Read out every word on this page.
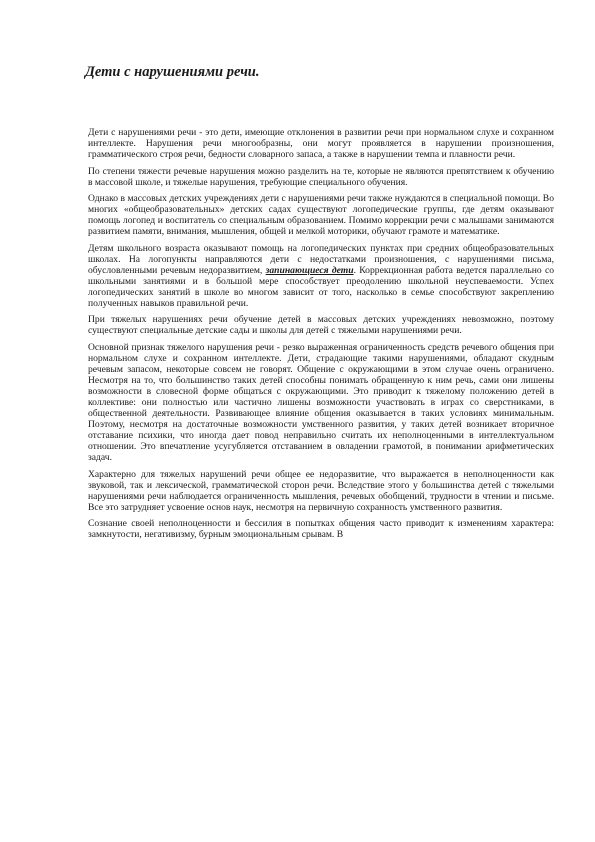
Дети с нарушениями речи.

Дети с нарушениями речи - это дети, имеющие отклонения в развитии речи при нормальном слухе и сохранном интеллекте. Нарушения речи многообразны, они могут проявляется в нарушении произношения, грамматического строя речи, бедности словарного запаса, а также в нарушении темпа и плавности речи.

По степени тяжести речевые нарушения можно разделить на те, которые не являются препятствием к обучению в массовой школе, и тяжелые нарушения, требующие специального обучения.

Однако в массовых детских учреждениях дети с нарушениями речи также нуждаются в специальной помощи. Во многих «общеобразовательных» детских садах существуют логопедические группы, где детям оказывают помощь логопед и воспитатель со специальным образованием. Помимо коррекции речи с малышами занимаются развитием памяти, внимания, мышления, общей и мелкой моторики, обучают грамоте и математике.

Детям школьного возраста оказывают помощь на логопедических пунктах при средних общеобразовательных школах. На логопункты направляются дети с недостатками произношения, с нарушениями письма, обусловленными речевым недоразвитием, запинающиеся дети. Коррекционная работа ведется параллельно со школьными занятиями и в большой мере способствует преодолению школьной неуспеваемости. Успех логопедических занятий в школе во многом зависит от того, насколько в семье способствуют закреплению полученных навыков правильной речи.

При тяжелых нарушениях речи обучение детей в массовых детских учреждениях невозможно, поэтому существуют специальные детские сады и школы для детей с тяжелыми нарушениями речи.

Основной признак тяжелого нарушения речи - резко выраженная ограниченность средств речевого общения при нормальном слухе и сохранном интеллекте. Дети, страдающие такими нарушениями, обладают скудным речевым запасом, некоторые совсем не говорят. Общение с окружающими в этом случае очень ограничено. Несмотря на то, что большинство таких детей способны понимать обращенную к ним речь, сами они лишены возможности в словесной форме общаться с окружающими. Это приводит к тяжелому положению детей в коллективе: они полностью или частично лишены возможности участвовать в играх со сверстниками, в общественной деятельности. Развивающее влияние общения оказывается в таких условиях минимальным. Поэтому, несмотря на достаточные возможности умственного развития, у таких детей возникает вторичное отставание психики, что иногда дает повод неправильно считать их неполноценными в интеллектуальном отношении. Это впечатление усугубляется отставанием в овладении грамотой, в понимании арифметических задач.

Характерно для тяжелых нарушений речи общее ее недоразвитие, что выражается в неполноценности как звуковой, так и лексической, грамматической сторон речи. Вследствие этого у большинства детей с тяжелыми нарушениями речи наблюдается ограниченность мышления, речевых обобщений, трудности в чтении и письме. Все это затрудняет усвоение основ наук, несмотря на первичную сохранность умственного развития.

Сознание своей неполноценности и бессилия в попытках общения часто приводит к изменениям характера: замкнутости, негативизму, бурным эмоциональным срывам. В
